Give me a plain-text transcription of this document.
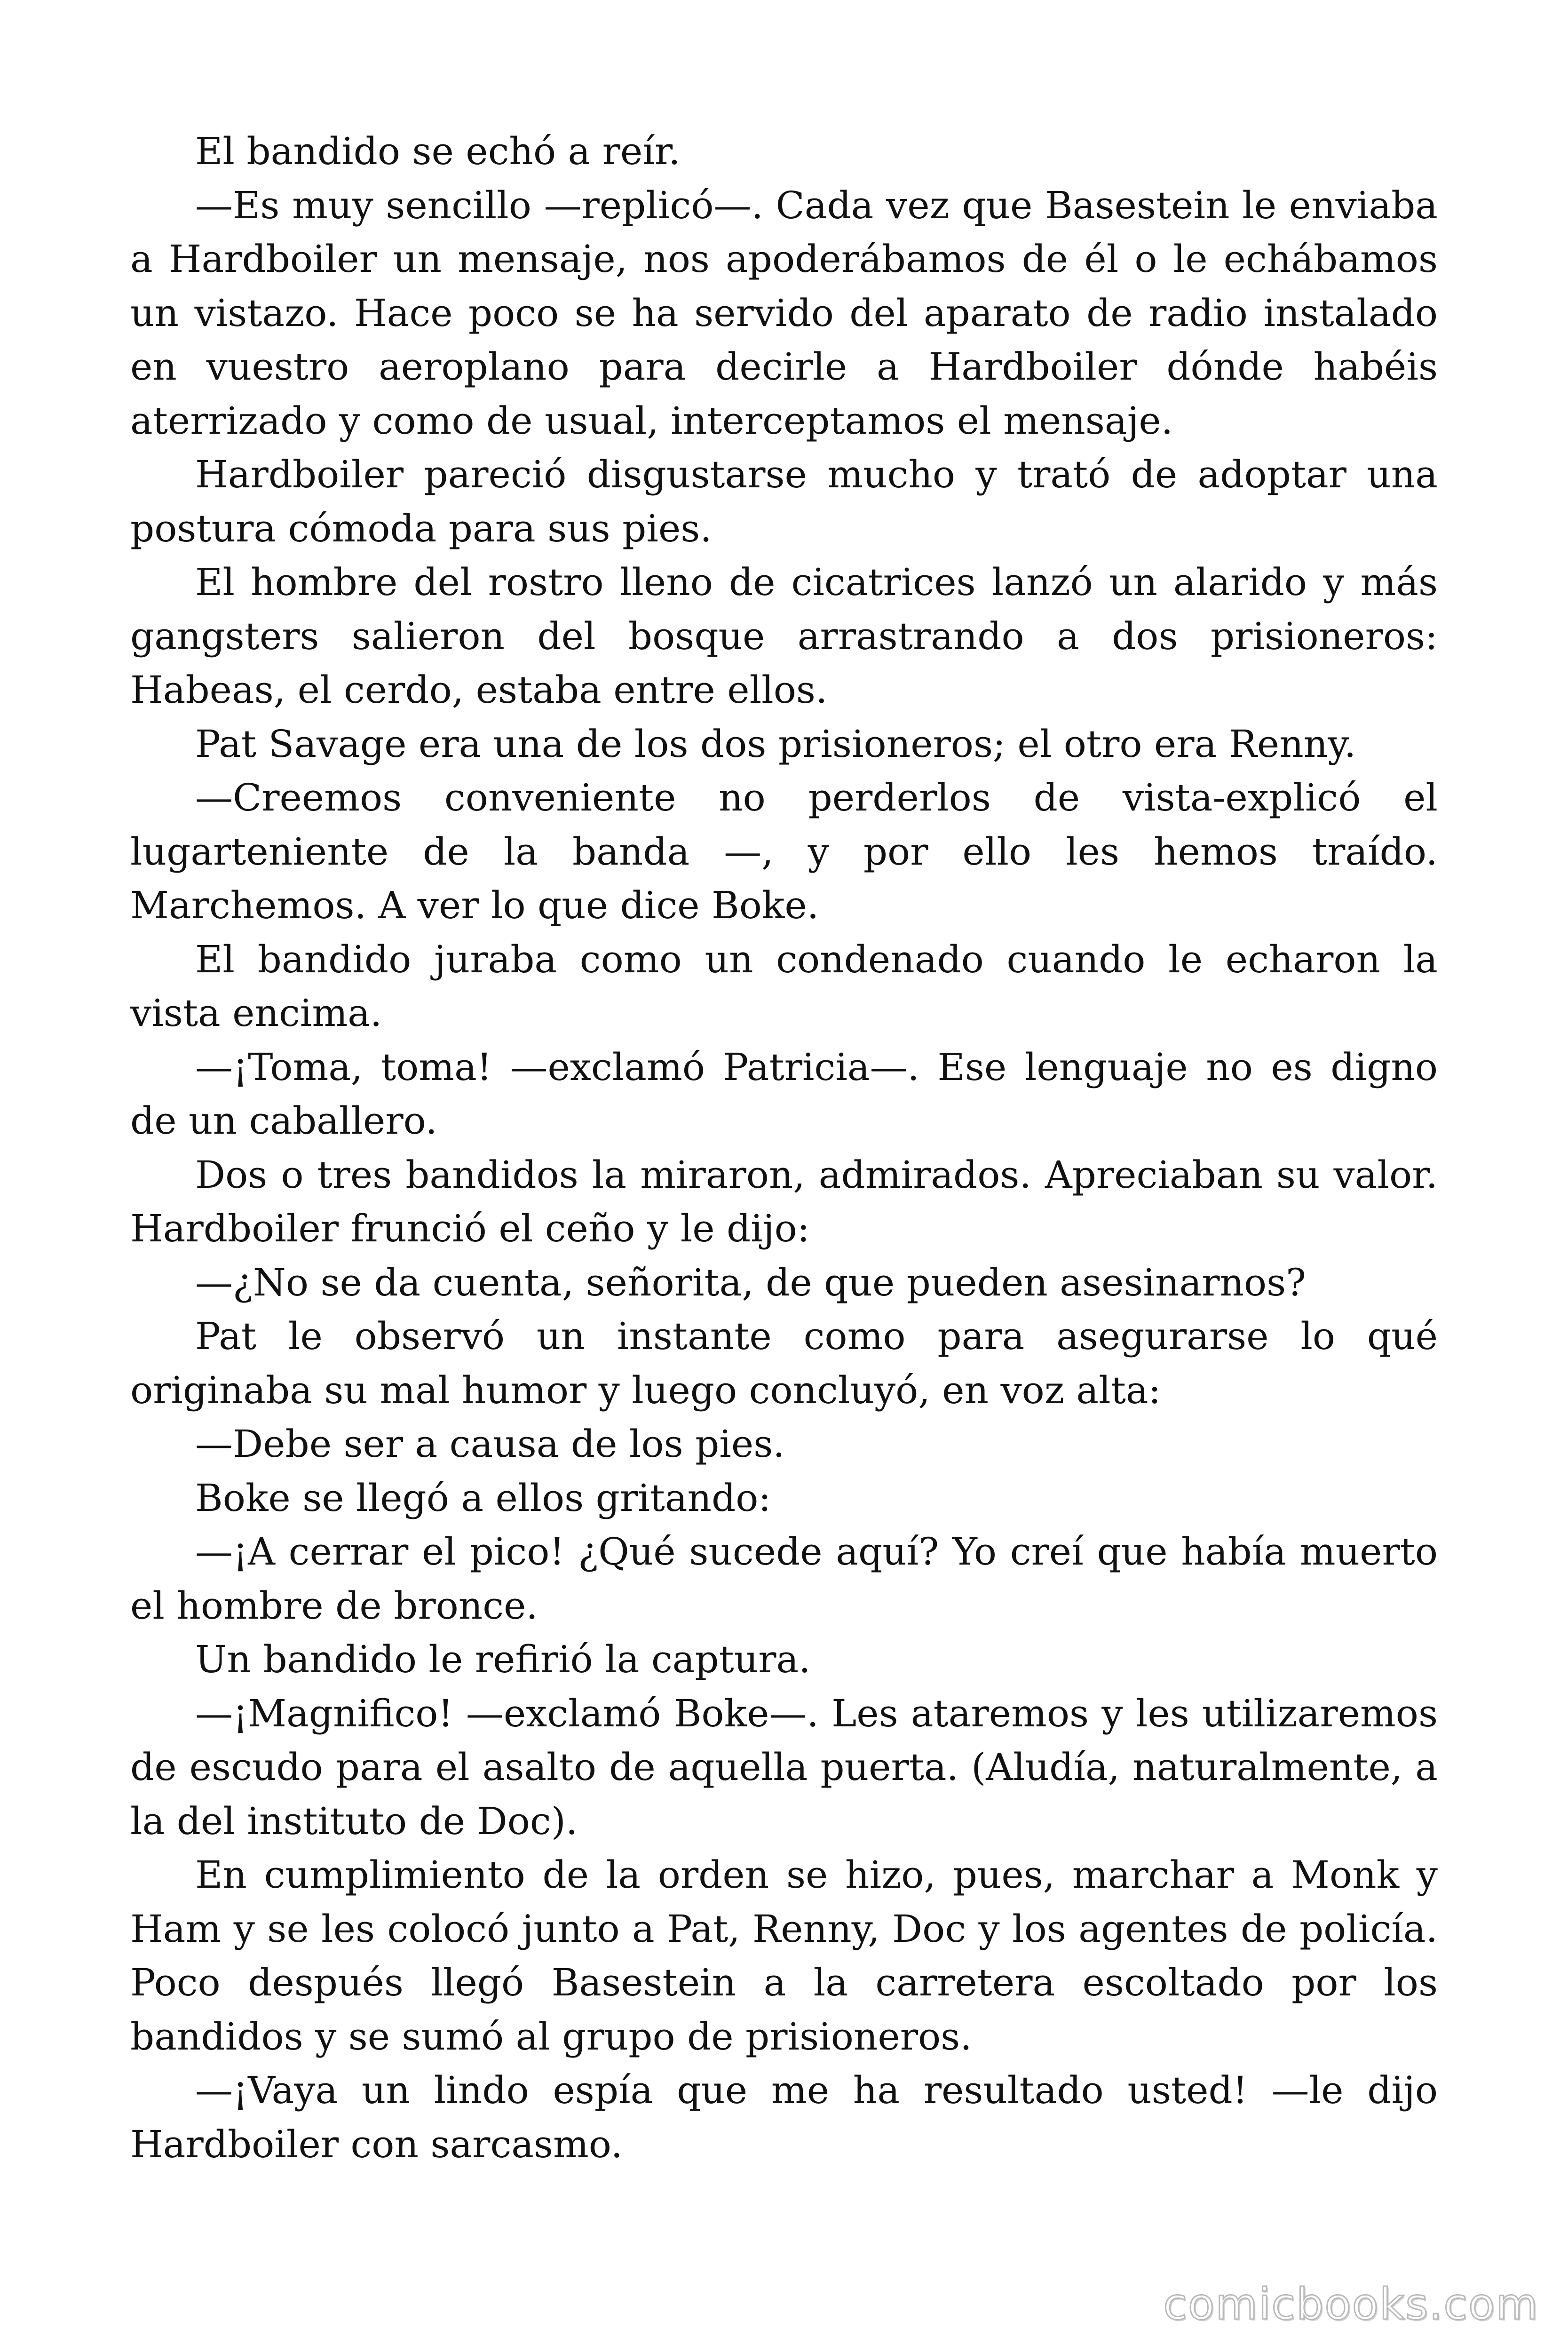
El bandido se echó a reír.

—Es muy sencillo —replicó—. Cada vez que Basestein le enviaba a Hardboiler un mensaje, nos apoderábamos de él o le echábamos un vistazo. Hace poco se ha servido del aparato de radio instalado en vuestro aeroplano para decirle a Hardboiler dónde habéis aterrizado y como de usual, interceptamos el mensaje.

Hardboiler pareció disgustarse mucho y trató de adoptar una postura cómoda para sus pies.

El hombre del rostro lleno de cicatrices lanzó un alarido y más gangsters salieron del bosque arrastrando a dos prisioneros: Habeas, el cerdo, estaba entre ellos.

Pat Savage era una de los dos prisioneros; el otro era Renny.

—Creemos conveniente no perderlos de vista-explicó el lugarteniente de la banda —, y por ello les hemos traído. Marchemos. A ver lo que dice Boke.

El bandido juraba como un condenado cuando le echaron la vista encima.

—¡Toma, toma! —exclamó Patricia—. Ese lenguaje no es digno de un caballero.

Dos o tres bandidos la miraron, admirados. Apreciaban su valor. Hardboiler frunció el ceño y le dijo:

—¿No se da cuenta, señorita, de que pueden asesinarnos?

Pat le observó un instante como para asegurarse lo qué originaba su mal humor y luego concluyó, en voz alta:

—Debe ser a causa de los pies.

Boke se llegó a ellos gritando:

—¡A cerrar el pico! ¿Qué sucede aquí? Yo creí que había muerto el hombre de bronce.

Un bandido le refirió la captura.

—¡Magnifico! —exclamó Boke—. Les ataremos y les utilizaremos de escudo para el asalto de aquella puerta. (Aludía, naturalmente, a la del instituto de Doc).

En cumplimiento de la orden se hizo, pues, marchar a Monk y Ham y se les colocó junto a Pat, Renny, Doc y los agentes de policía. Poco después llegó Basestein a la carretera escoltado por los bandidos y se sumó al grupo de prisioneros.

—¡Vaya un lindo espía que me ha resultado usted! —le dijo Hardboiler con sarcasmo.

comicbooks.com
